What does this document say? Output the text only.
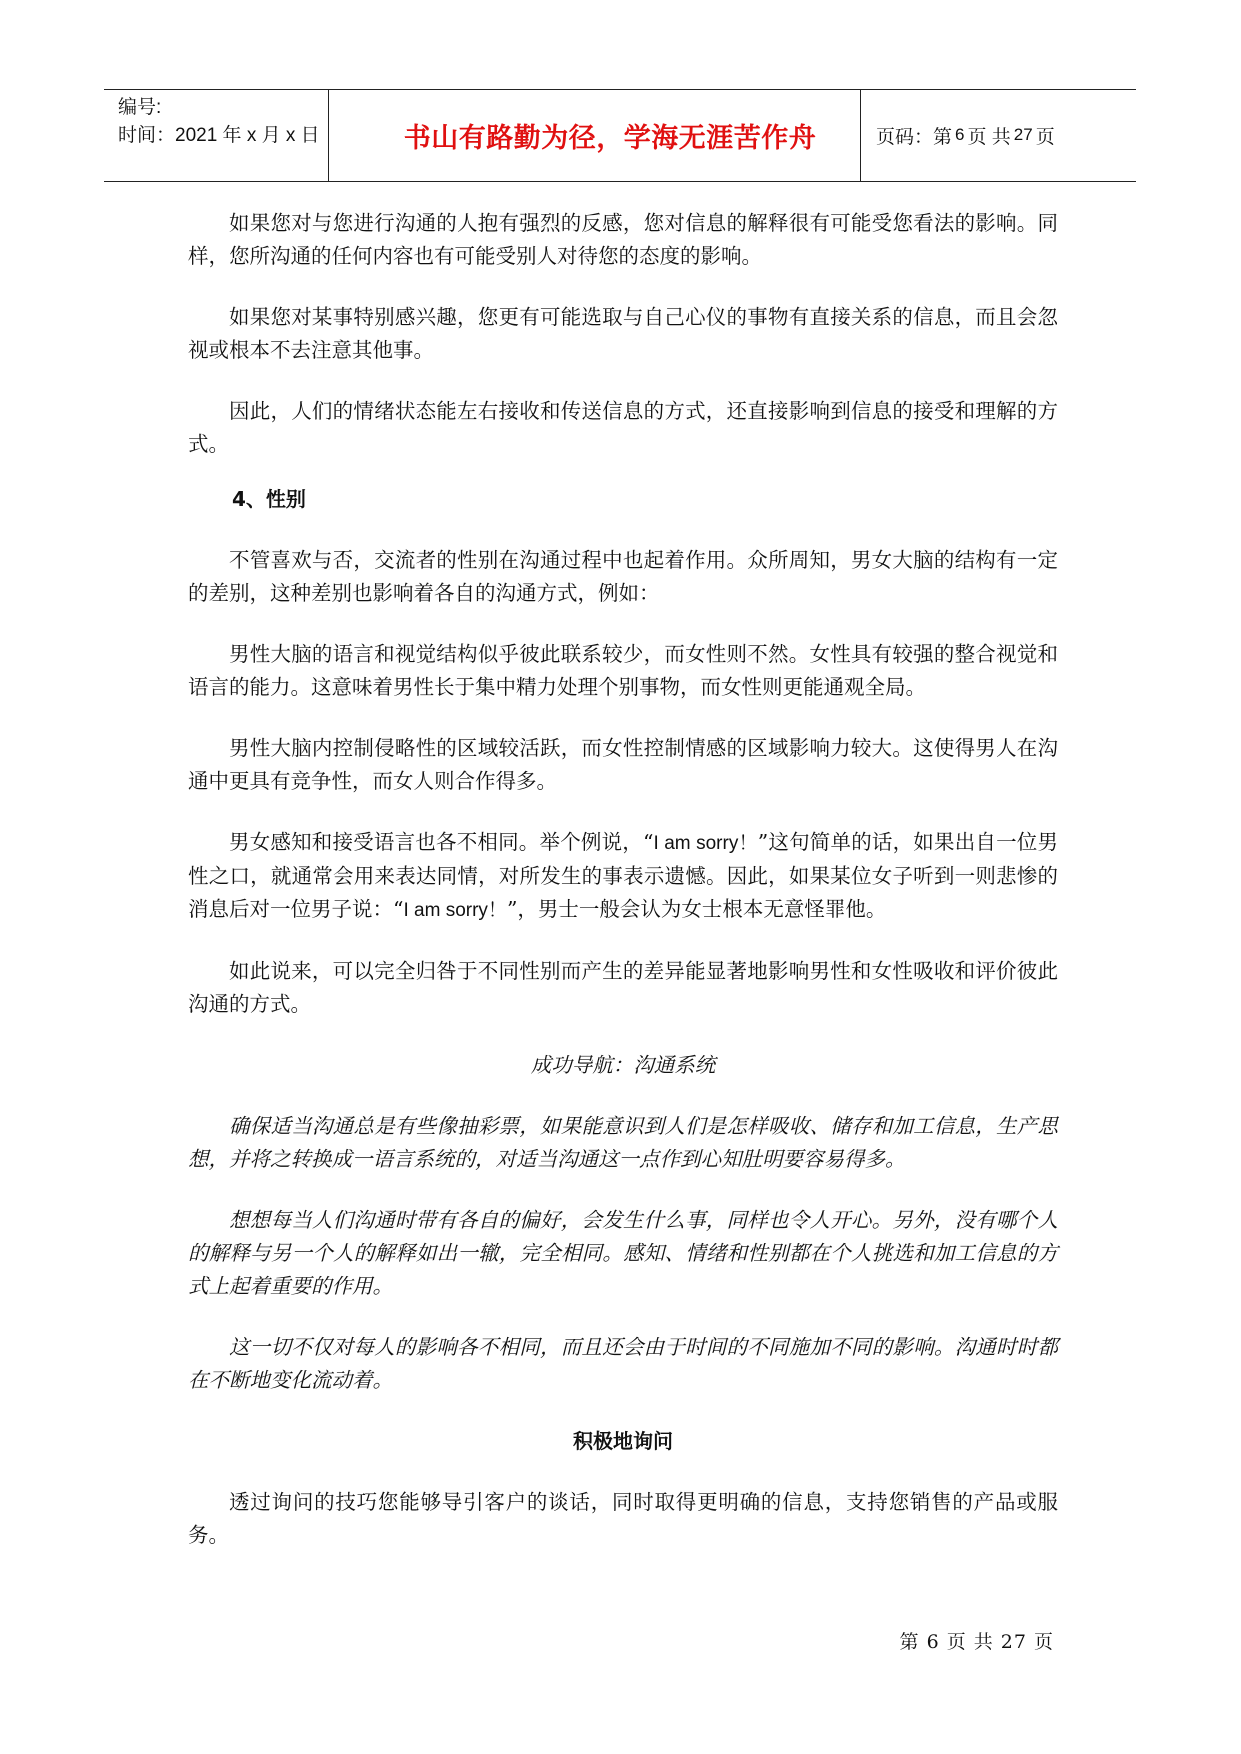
编号:
时间：2021 年 x 月 x 日	书山有路勤为径，学海无涯苦作舟	页码：第 6 页 共 27 页

如果您对与您进行沟通的人抱有强烈的反感，您对信息的解释很有可能受您看法的影响。同样，您所沟通的任何内容也有可能受别人对待您的态度的影响。

如果您对某事特别感兴趣，您更有可能选取与自己心仪的事物有直接关系的信息，而且会忽视或根本不去注意其他事。

因此，人们的情绪状态能左右接收和传送信息的方式，还直接影响到信息的接受和理解的方式。

4、性别

不管喜欢与否，交流者的性别在沟通过程中也起着作用。众所周知，男女大脑的结构有一定的差别，这种差别也影响着各自的沟通方式，例如：

男性大脑的语言和视觉结构似乎彼此联系较少，而女性则不然。女性具有较强的整合视觉和语言的能力。这意味着男性长于集中精力处理个别事物，而女性则更能通观全局。

男性大脑内控制侵略性的区域较活跃，而女性控制情感的区域影响力较大。这使得男人在沟通中更具有竞争性，而女人则合作得多。

男女感知和接受语言也各不相同。举个例说，“I am sorry！”这句简单的话，如果出自一位男性之口，就通常会用来表达同情，对所发生的事表示遗憾。因此，如果某位女子听到一则悲惨的消息后对一位男子说：“I am sorry！”，男士一般会认为女士根本无意怪罪他。

如此说来，可以完全归咎于不同性别而产生的差异能显著地影响男性和女性吸收和评价彼此沟通的方式。

成功导航：沟通系统

确保适当沟通总是有些像抽彩票，如果能意识到人们是怎样吸收、储存和加工信息，生产思想，并将之转换成一语言系统的，对适当沟通这一点作到心知肚明要容易得多。

想想每当人们沟通时带有各自的偏好，会发生什么事，同样也令人开心。另外，没有哪个人的解释与另一个人的解释如出一辙，完全相同。感知、情绪和性别都在个人挑选和加工信息的方式上起着重要的作用。

这一切不仅对每人的影响各不相同，而且还会由于时间的不同施加不同的影响。沟通时时都在不断地变化流动着。

积极地询问

透过询问的技巧您能够导引客户的谈话，同时取得更明确的信息，支持您销售的产品或服务。

第 6 页 共 27 页
